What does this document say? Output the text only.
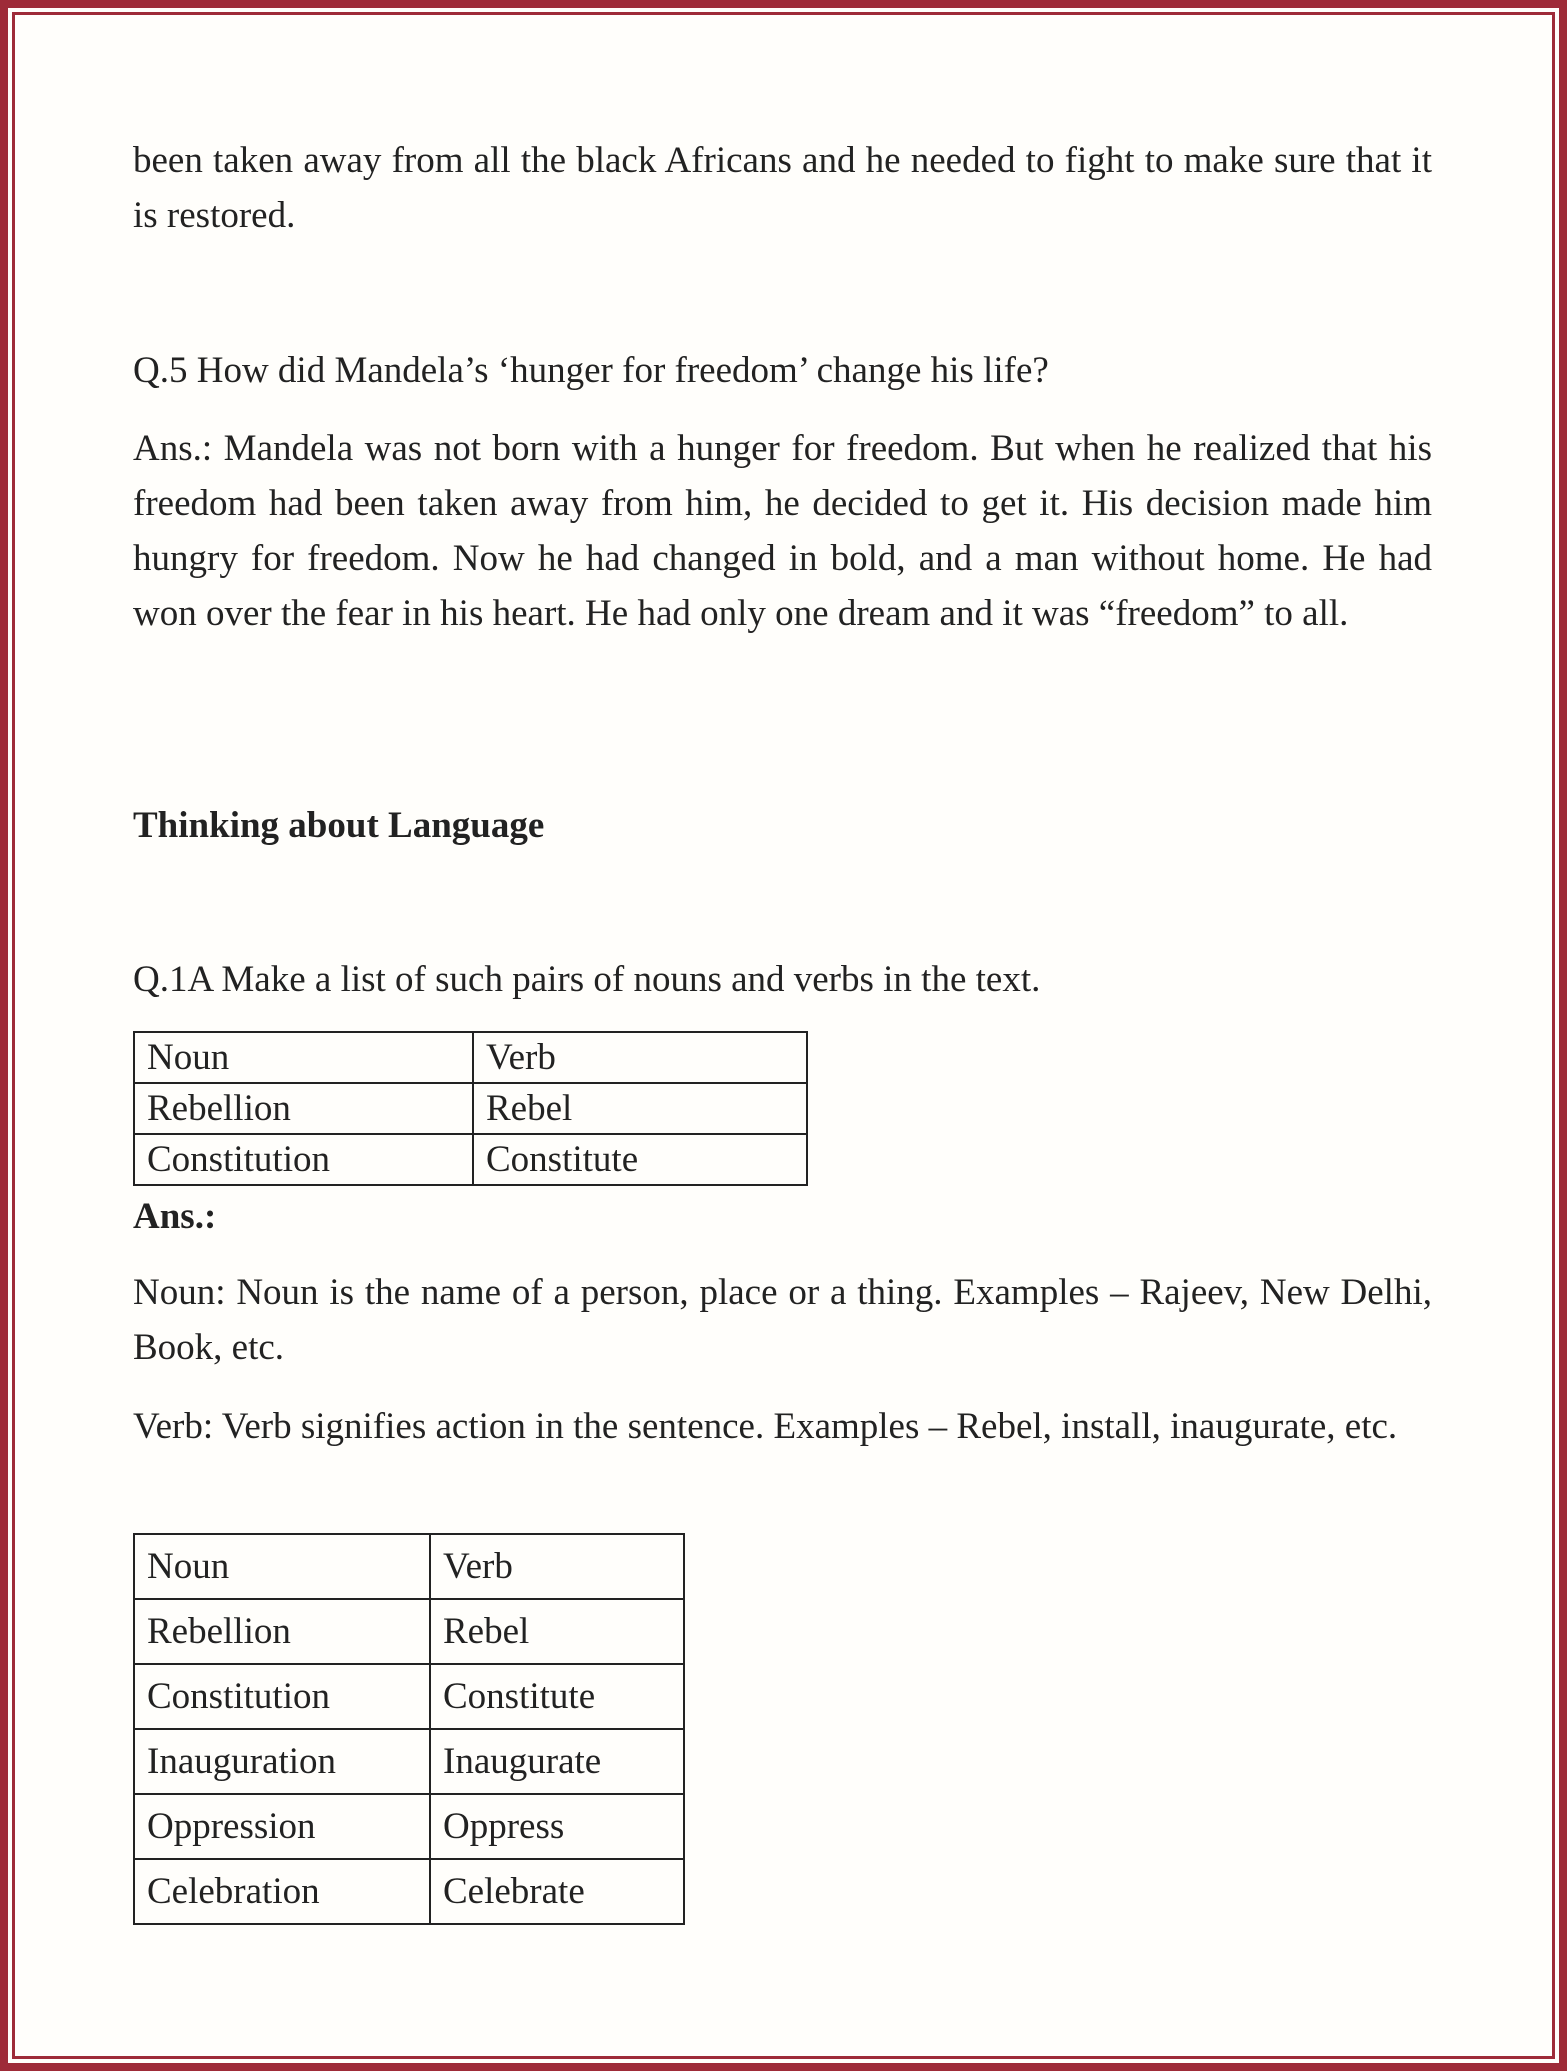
been taken away from all the black Africans and he needed to fight to make sure that it is restored.

Q.5 How did Mandela’s ‘hunger for freedom’ change his life?

Ans.: Mandela was not born with a hunger for freedom. But when he realized that his freedom had been taken away from him, he decided to get it. His decision made him hungry for freedom. Now he had changed in bold, and a man without home. He had won over the fear in his heart. He had only one dream and it was “freedom” to all.

Thinking about Language

Q.1A Make a list of such pairs of nouns and verbs in the text.

Noun	Verb
Rebellion	Rebel
Constitution	Constitute

Ans.:

Noun: Noun is the name of a person, place or a thing. Examples – Rajeev, New Delhi, Book, etc.

Verb: Verb signifies action in the sentence. Examples – Rebel, install, inaugurate, etc.

Noun	Verb
Rebellion	Rebel
Constitution	Constitute
Inauguration	Inaugurate
Oppression	Oppress
Celebration	Celebrate
